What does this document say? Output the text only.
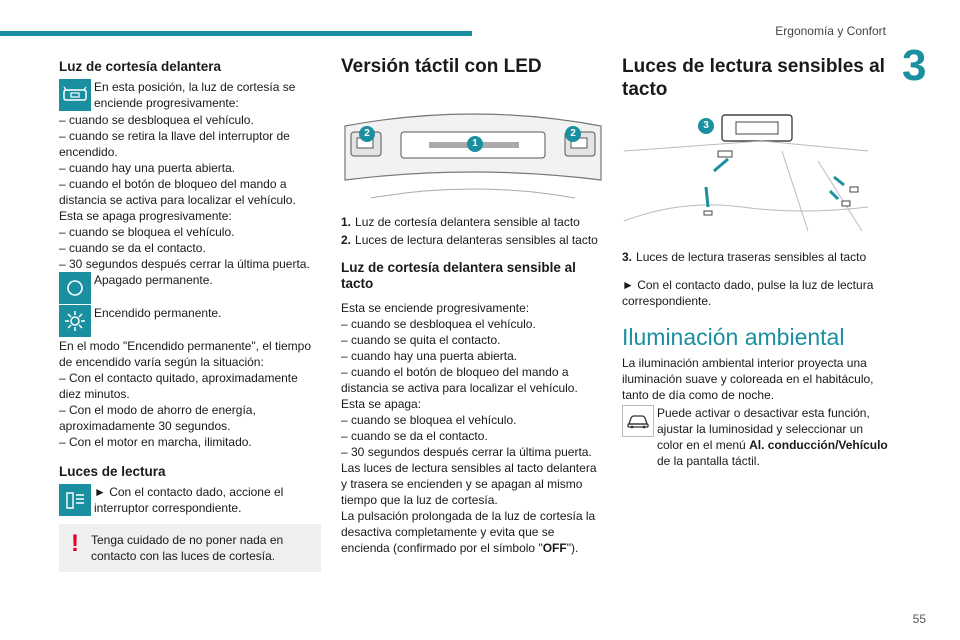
Ergonomía y Confort
3
55
Luz de cortesía delantera

En esta posición, la luz de cortesía se enciende progresivamente:

– cuando se desbloquea el vehículo.

– cuando se retira la llave del interruptor de encendido.

– cuando hay una puerta abierta.

– cuando el botón de bloqueo del mando a distancia se activa para localizar el vehículo.

Esta se apaga progresivamente:

– cuando se bloquea el vehículo.

– cuando se da el contacto.

– 30 segundos después cerrar la última puerta.

Apagado permanente.

Encendido permanente.

En el modo "Encendido permanente", el tiempo de encendido varía según la situación:

– Con el contacto quitado, aproximadamente diez minutos.

– Con el modo de ahorro de energía, aproximadamente 30 segundos.

– Con el motor en marcha, ilimitado.

Luces de lectura

► Con el contacto dado, accione el interruptor correspondiente.

! Tenga cuidado de no poner nada en contacto con las luces de cortesía.

Versión táctil con LED
2
1
2
1. Luz de cortesía delantera sensible al tacto
2. Luces de lectura delanteras sensibles al tacto
Luz de cortesía delantera sensible al tacto

Esta se enciende progresivamente:

– cuando se desbloquea el vehículo.

– cuando se quita el contacto.

– cuando hay una puerta abierta.

– cuando el botón de bloqueo del mando a distancia se activa para localizar el vehículo.

Esta se apaga:

– cuando se bloquea el vehículo.

– cuando se da el contacto.

– 30 segundos después cerrar la última puerta.

Las luces de lectura sensibles al tacto delantera y trasera se encienden y se apagan al mismo tiempo que la luz de cortesía.

La pulsación prolongada de la luz de cortesía la desactiva completamente y evita que se encienda (confirmado por el símbolo "OFF").

Luces de lectura sensibles al tacto
3
3. Luces de lectura traseras sensibles al tacto

► Con el contacto dado, pulse la luz de lectura correspondiente.

Iluminación ambiental

La iluminación ambiental interior proyecta una iluminación suave y coloreada en el habitáculo, tanto de día como de noche.

Puede activar o desactivar esta función, ajustar la luminosidad y seleccionar un color en el menú Al. conducción/Vehículo de la pantalla táctil.
